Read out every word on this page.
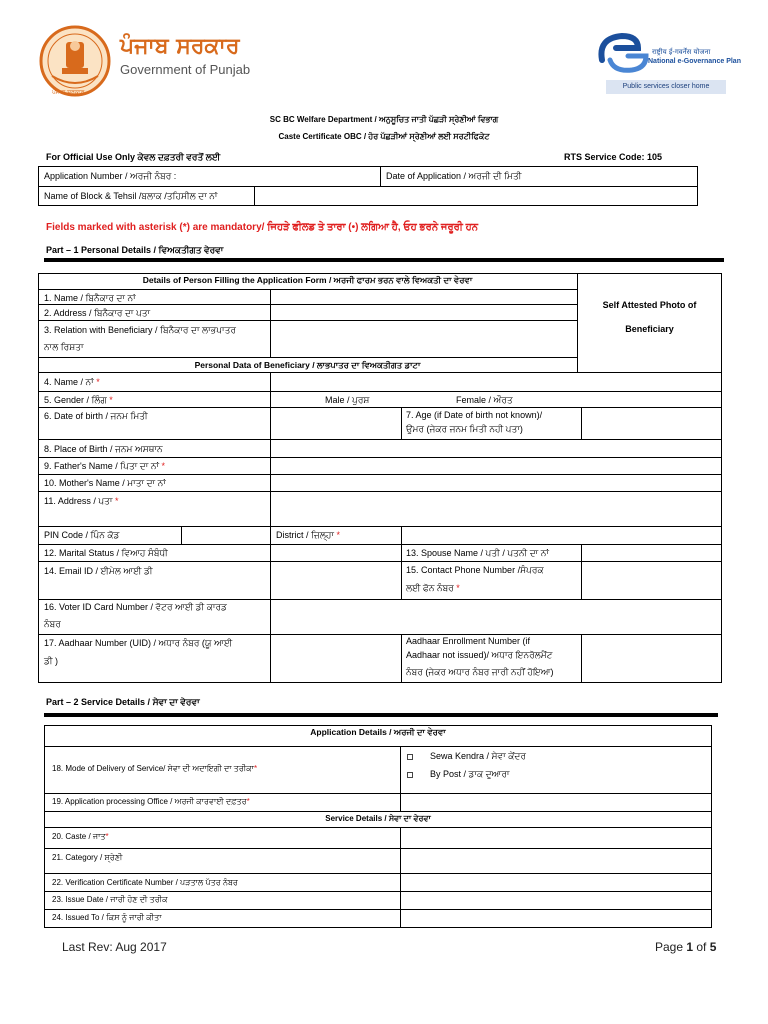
ਪੰਜਾਬ ਸਰਕਾਰ
ਪੰਜਾਬ ਸਰਕਾਰ
Government of Punjab
राष्ट्रीय ई-गवर्नेंस योजना
National e-Governance Plan
Public services closer home
SC BC Welfare Department / ਅਨੁਸੂਚਿਤ ਜਾਤੀ ਪੱਛੜੀ ਸ੍ਰੇਣੀਆਂ ਵਿਭਾਗ
Caste Certificate OBC / ਹੋਰ ਪੱਛੜੀਆਂ ਸ੍ਰੇਣੀਆਂ ਲਈ ਸਰਟੀਫਿਕੇਟ
For Official Use Only ਕੇਵਲ ਦਫ਼ਤਰੀ ਵਰਤੋਂ ਲਈ	RTS Service Code: 105
Application Number / ਅਰਜੀ ਨੰਬਰ :	Date of Application / ਅਰਜੀ ਦੀ ਮਿਤੀ
Name of Block & Tehsil /ਬਲਾਕ /ਤਹਿਸੀਲ ਦਾ ਨਾਂ
Fields marked with asterisk (*) are mandatory/ ਜਿਹੜੇ ਫੀਲਡ ਤੇ ਤਾਰਾ (•) ਲਗਿਆ ਹੈ, ਓਹ ਭਰਨੇ ਜਰੂਰੀ ਹਨ
Part – 1 Personal Details / ਵਿਅਕਤੀਗਤ ਵੇਰਵਾ
Self Attested Photo of
Beneficiary
Details of Person Filling the Application Form / ਅਰਜੀ ਫਾਰਮ ਭਰਨ ਵਾਲੇ ਵਿਅਕਤੀ ਦਾ ਵੇਰਵਾ
1. Name / ਬਿਨੈਕਾਰ ਦਾ ਨਾਂ
2. Address / ਬਿਨੈਕਾਰ ਦਾ ਪਤਾ
3. Relation with Beneficiary / ਬਿਨੈਕਾਰ ਦਾ ਲਾਭਪਾਤਰ
ਨਾਲ ਰਿਸ਼ਤਾ
Personal Data of Beneficiary / ਲਾਭਪਾਤਰ ਦਾ ਵਿਅਕਤੀਗਤ ਡਾਟਾ
4. Name / ਨਾਂ *
5. Gender / ਲਿੰਗ *	Male / ਪੁਰਸ਼	Female / ਔਰਤ
6. Date of birth / ਜਨਮ ਮਿਤੀ	7. Age (if Date of birth not known)/
ਉਮਰ (ਜੇਕਰ ਜਨਮ ਮਿਤੀ ਨਹੀ ਪਤਾ)
8. Place of Birth / ਜਨਮ ਅਸਥਾਨ
9. Father's Name / ਪਿਤਾ ਦਾ ਨਾਂ *
10. Mother's Name / ਮਾਤਾ ਦਾ ਨਾਂ
11. Address / ਪਤਾ *
PIN Code / ਪਿੰਨ ਕੋਡ	District / ਜ਼ਿਲ੍ਹਾ *
12. Marital Status / ਵਿਆਹ ਸੰਬੰਧੀ	13. Spouse Name / ਪਤੀ / ਪਤਨੀ ਦਾ ਨਾਂ
14. Email ID / ਈਮੇਲ ਆਈ ਡੀ	15. Contact Phone Number /ਸੰਪਰਕ
ਲਈ ਫੋਨ ਨੰਬਰ *
16. Voter ID Card Number / ਵੋਟਰ ਆਈ ਡੀ ਕਾਰਡ
ਨੰਬਰ
17. Aadhaar Number (UID) / ਅਧਾਰ ਨੰਬਰ (ਯੂ ਆਈ
ਡੀ )
Aadhaar Enrollment Number (if
Aadhaar not issued)/ ਅਧਾਰ ਇਨਰੋਲਮੈਂਟ
ਨੰਬਰ (ਜੇਕਰ ਅਧਾਰ ਨੰਬਰ ਜਾਰੀ ਨਹੀਂ ਹੋਇਆ)
Part – 2 Service Details / ਸੇਵਾ ਦਾ ਵੇਰਵਾ
Application Details / ਅਰਜੀ ਦਾ ਵੇਰਵਾ
18. Mode of Delivery of Service/ ਸੇਵਾ ਦੀ ਅਦਾਇਗੀ ਦਾ ਤਰੀਕਾ*
Sewa Kendra / ਸੇਵਾ ਕੇਂਦਰ
By Post / ਡਾਕ ਦੁਆਰਾ
19. Application processing Office / ਅਰਜੀ ਕਾਰਵਾਈ ਦਫ਼ਤਰ*
Service Details / ਸੇਵਾ ਦਾ ਵੇਰਵਾ
20. Caste / ਜਾਤ*
21. Category / ਸ਼੍ਰੇਣੀ
22. Verification Certificate Number / ਪੜਤਾਲ ਪੱਤਰ ਨੰਬਰ
23. Issue Date / ਜਾਰੀ ਹੋਣ ਦੀ ਤਰੀਕ
24. Issued To / ਕਿਸ ਨੂੰ ਜਾਰੀ ਕੀਤਾ
Last Rev: Aug 2017	Page 1 of 5
